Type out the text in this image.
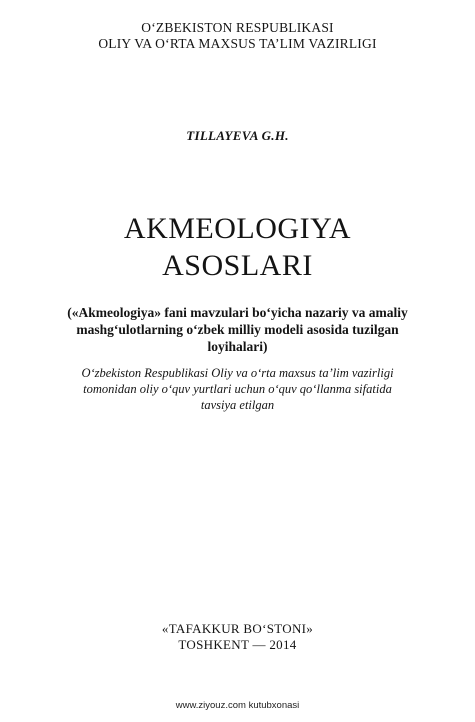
O‘ZBEKISTON RESPUBLIKASI

OLIY VA O‘RTA MAXSUS TA’LIM VAZIRLIGI

TILLAYEVA G.H.

AKMEOLOGIYA

ASOSLARI

(«Akmeologiya» fani mavzulari bo‘yicha nazariy va amaliy

mashg‘ulotlarning o‘zbek milliy modeli asosida tuzilgan

loyihalari)

O‘zbekiston Respublikasi Oliy va o‘rta maxsus ta’lim vazirligi

tomonidan oliy o‘quv yurtlari uchun o‘quv qo‘llanma sifatida

tavsiya etilgan

«TAFAKKUR BO‘STONI»

TOSHKENT — 2014

www.ziyouz.com kutubxonasi
